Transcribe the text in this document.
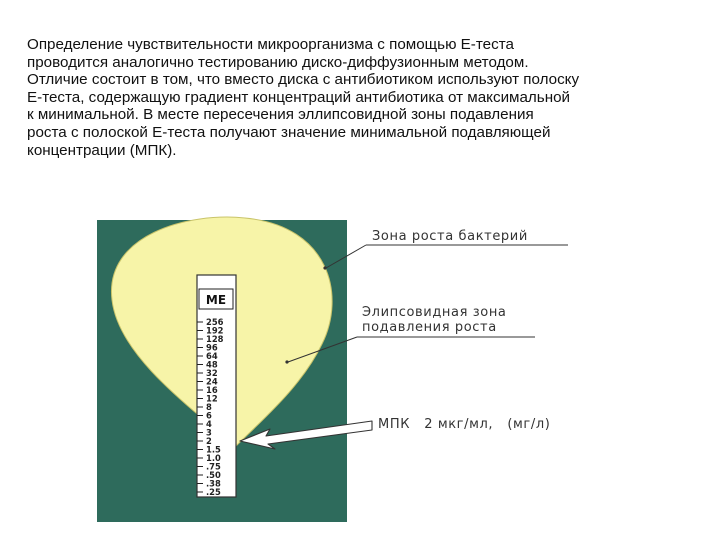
Определение чувствительности микроорганизма с помощью Е-теста
проводится аналогично тестированию диско-диффузионным методом.
Отличие состоит в том, что вместо диска с антибиотиком используют полоску
Е-теста, содержащую градиент концентраций антибиотика от максимальной
к минимальной. В месте пересечения эллипсовидной зоны подавления
роста с полоской Е-теста получают значение минимальной подавляющей
концентрации (МПК).
ME
256
192
128
96
64
48
32
24
16
12
8
6
4
3
2
1.5
1.0
.75
.50
.38
.25
Зона роста бактерий
Элипсовидная зона
подавления роста
МПК   2 мкг/мл,   (мг/л)
